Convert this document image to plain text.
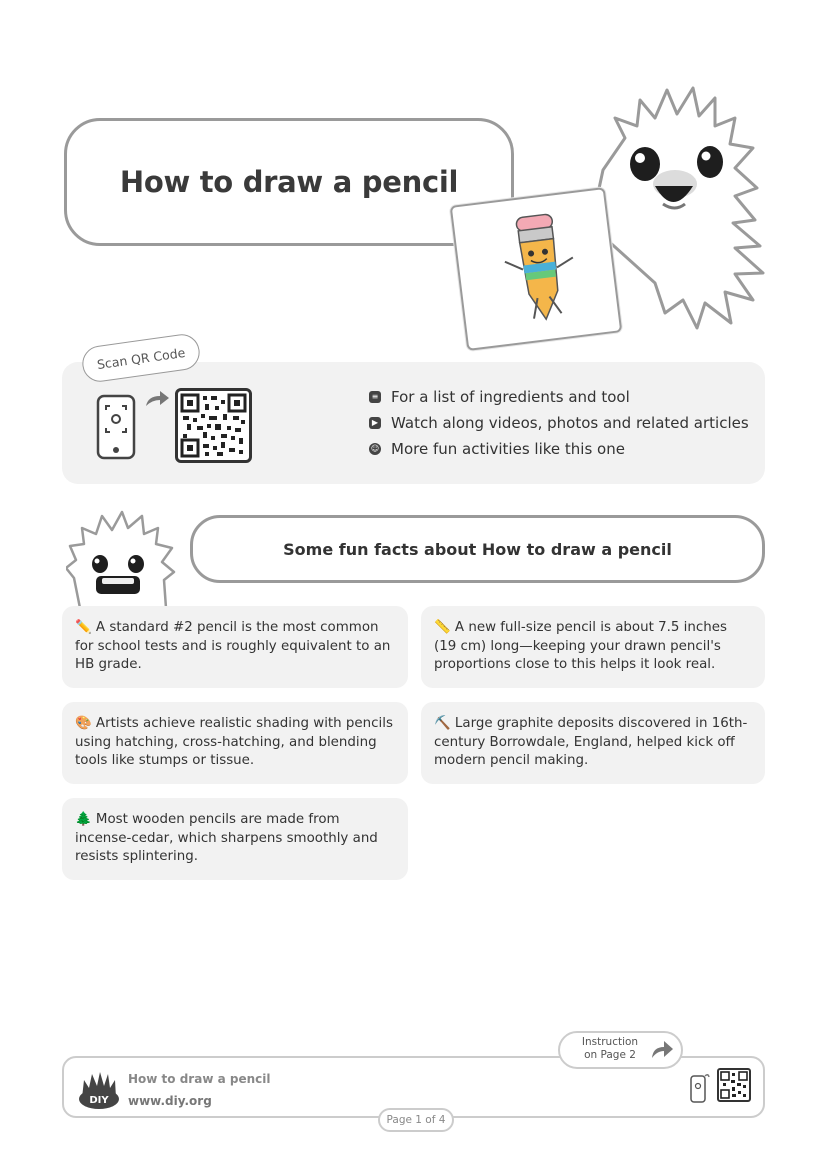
How to draw a pencil
Scan QR Code
≡ For a list of ingredients and tool
▶ Watch along videos, photos and related articles
☺ More fun activities like this one
Some fun facts about How to draw a pencil
✏️ A standard #2 pencil is the most common for school tests and is roughly equivalent to an HB grade.
📏 A new full-size pencil is about 7.5 inches (19 cm) long—keeping your drawn pencil's proportions close to this helps it look real.
🎨 Artists achieve realistic shading with pencils using hatching, cross-hatching, and blending tools like stumps or tissue.
⛏️ Large graphite deposits discovered in 16th-century Borrowdale, England, helped kick off modern pencil making.
🌲 Most wooden pencils are made from incense-cedar, which sharpens smoothly and resists splintering.
DIY
How to draw a pencil
www.diy.org
Page 1 of 4
Instruction
on Page 2
